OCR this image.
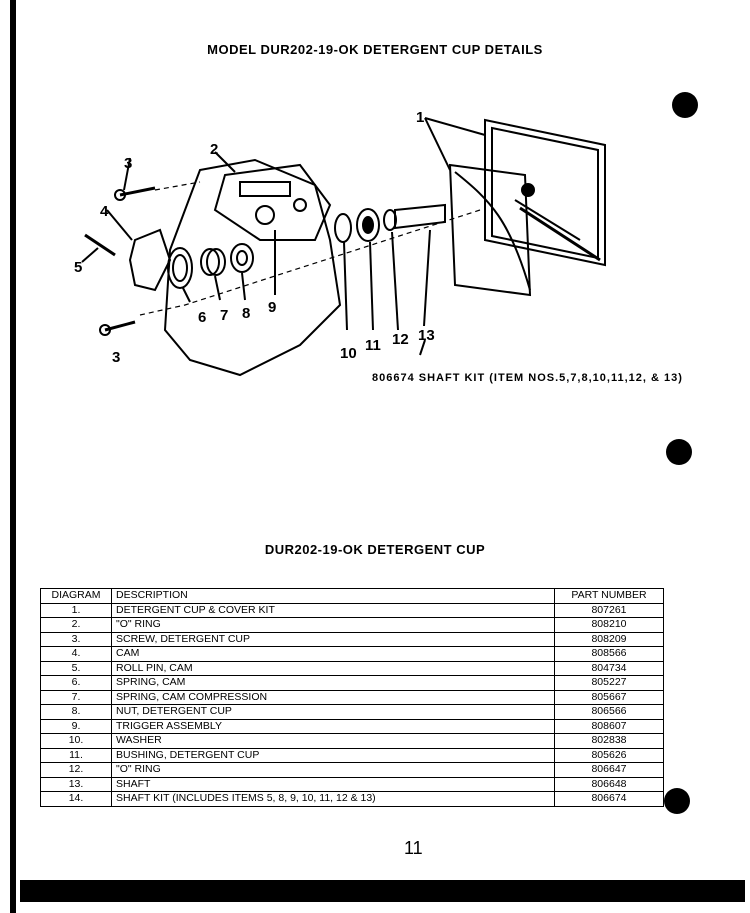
MODEL DUR202-19-OK DETERGENT CUP DETAILS
1
2
3
4
5
6 7 8 9
10 11 12 13
3
806674 SHAFT KIT (ITEM NOS.5,7,8,10,11,12, & 13)
DUR202-19-OK DETERGENT CUP
DIAGRAM	DESCRIPTION	PART NUMBER
1.	DETERGENT CUP & COVER KIT	807261
2.	"O" RING	808210
3.	SCREW, DETERGENT CUP	808209
4.	CAM	808566
5.	ROLL PIN, CAM	804734
6.	SPRING, CAM	805227
7.	SPRING, CAM COMPRESSION	805667
8.	NUT, DETERGENT CUP	806566
9.	TRIGGER ASSEMBLY	808607
10.	WASHER	802838
11.	BUSHING, DETERGENT CUP	805626
12.	"O" RING	806647
13.	SHAFT	806648
14.	SHAFT KIT (INCLUDES ITEMS 5, 8, 9, 10, 11, 12 & 13)	806674
11
